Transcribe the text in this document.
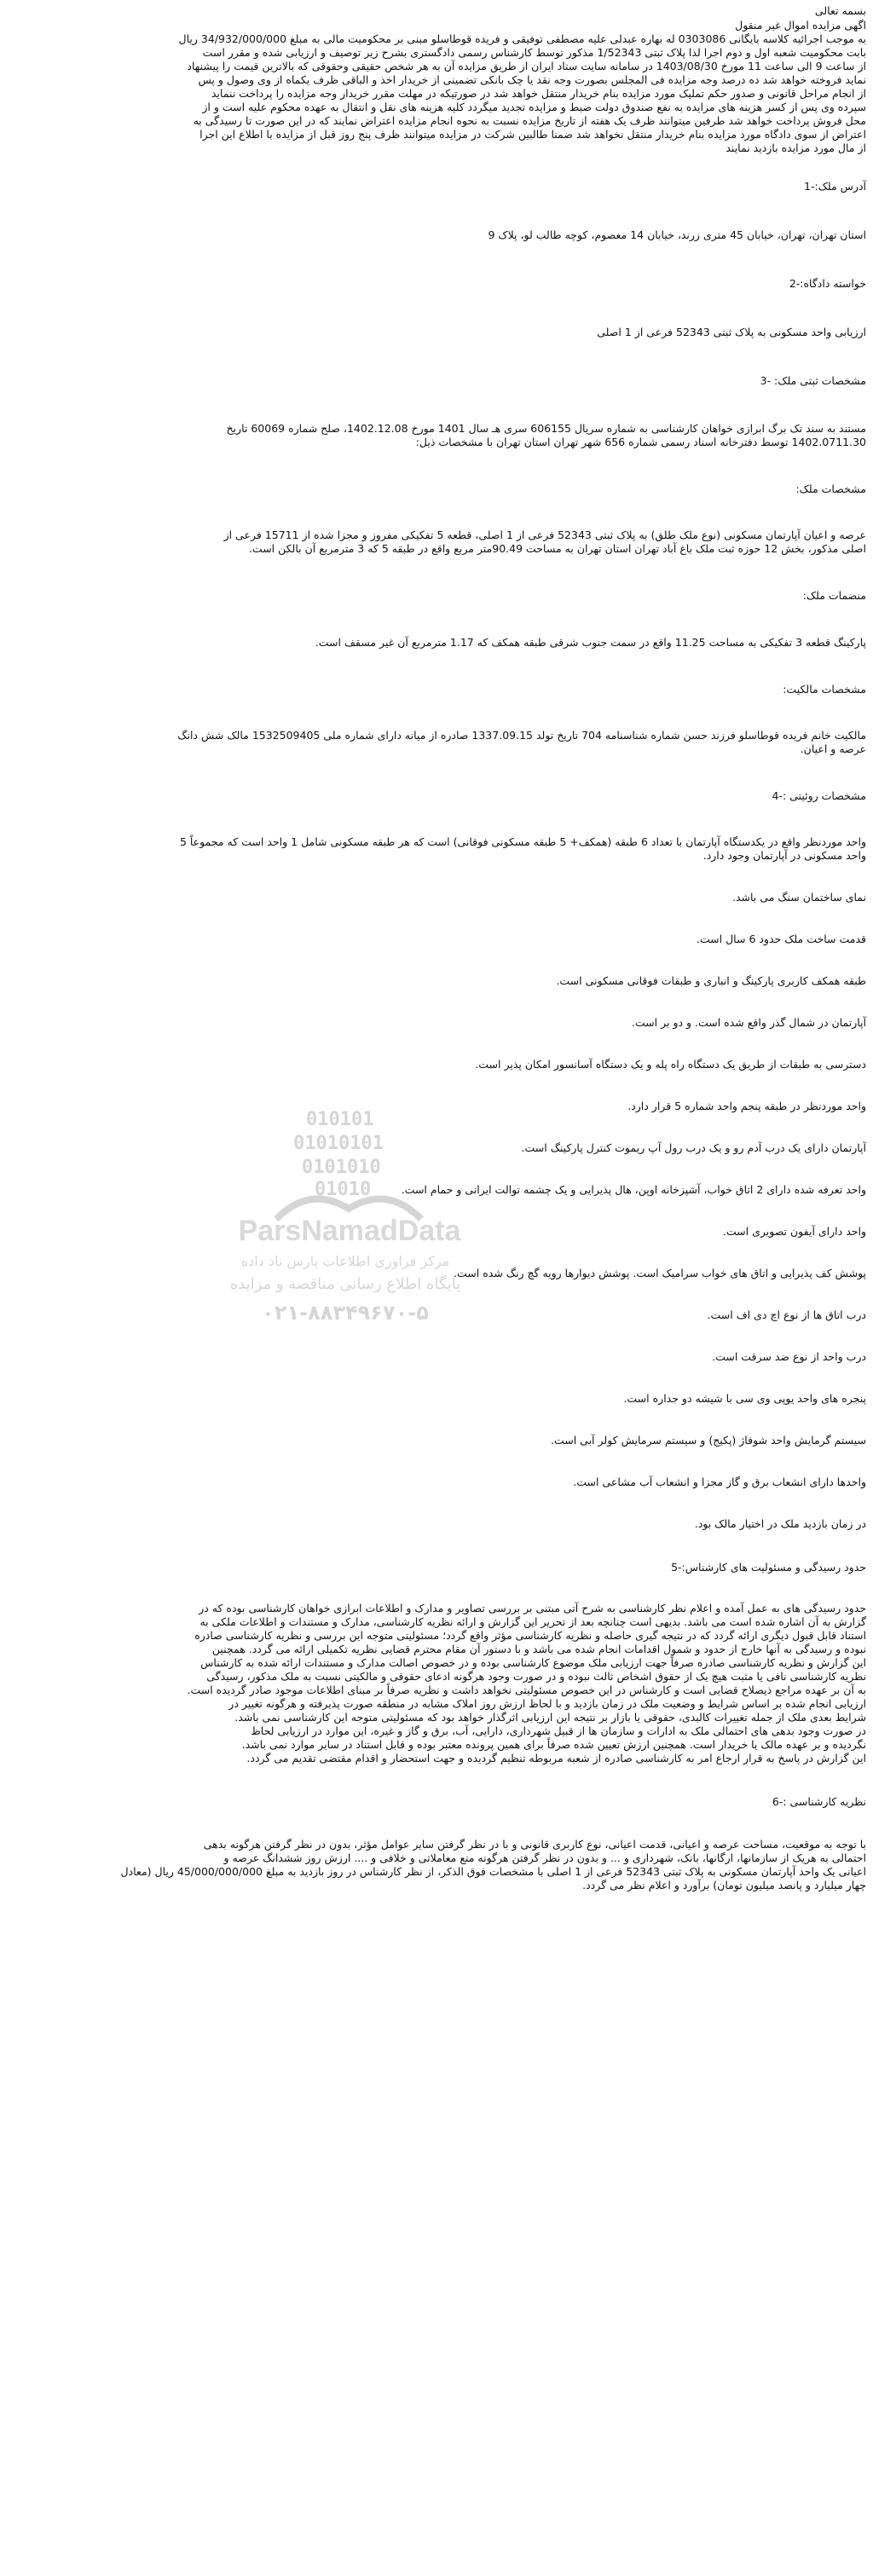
010101
01010101
0101010
01010
ParsNamadData
مرکز فراوری اطلاعات پارس ناد داده
پایگاه اطلاع رسانی مناقصه و مزایده
۰۲۱-۸۸۳۴۹۶۷۰-۵

بسمه تعالی

اگهی مزایده اموال غیر منقول

به موجب اجرائیه کلاسه بایگانی 0303086 له بهاره عبدلی علیه مصطفی توفیقی و فریده قوطاسلو مبنی بر محکومیت مالی به مبلغ 34/932/000/000 ریال

بابت محکومیت شعبه اول و دوم اجرا لذا پلاک ثبتی 1/52343 مذکور توسط کارشناس رسمی دادگستری بشرح زیر توصیف و ارزیابی شده و مقرر است

از ساعت 9 الی ساعت 11 مورخ 1403/08/30 در سامانه سایت ستاد ایران از طریق مزایده آن به هر شخص حقیقی وحقوقی که بالاترین قیمت را پیشنهاد

نماید فروخته خواهد شد ده درصد وجه مزایده فی المجلس بصورت وجه نقد یا چک بانکی تضمینی از خریدار اخذ و الباقی ظرف یکماه از وی وصول و پس

از انجام مراحل قانونی و صدور حکم تملیک مورد مزایده بنام خریدار منتقل خواهد شد در صورتیکه در مهلت مقرر خریدار وجه مزایده را پرداخت ننماید

سپرده وی پس از کسر هزینه های مزایده به نفع صندوق دولت ضبط و مزایده تجدید میگردد کلیه هزینه های نقل و انتقال به عهده محکوم علیه است و از

محل فروش پرداخت خواهد شد طرفین میتوانند ظرف یک هفته از تاریخ مزایده نسبت به نحوه انجام مزایده اعتراض نمایند که در این صورت تا رسیدگی به

اعتراض از سوی دادگاه مورد مزایده بنام خریدار منتقل نخواهد شد ضمنا طالبین شرکت در مزایده میتوانند ظرف پنج روز قبل از مزایده با اطلاع این اجرا

از مال مورد مزایده بازدید نمایند

آدرس ملک:-1

استان تهران، تهران، خیابان 45 متری زرند، خیابان 14 معصوم، کوچه طالب لو، پلاک 9

خواسته دادگاه:-2

ارزیابی واحد مسکونی به پلاک ثبتی 52343 فرعی از 1 اصلی

مشخصات ثبتی ملک: -3

مستند به سند تک برگ ابرازی خواهان کارشناسی به شماره سریال 606155 سری هـ سال 1401 مورخ 1402.12.08، صلح شماره 60069 تاریخ

1402.0711.30 توسط دفترخانه اسناد رسمی شماره 656 شهر تهران استان تهران با مشخصات ذیل:

مشخصات ملک:

عرصه و اعیان آپارتمان مسکونی (نوع ملک طلق) به پلاک ثبتی 52343 فرعی از 1 اصلی، قطعه 5 تفکیکی مفروز و مجزا شده از 15711 فرعی از

اصلی مذکور، بخش 12 حوزه ثبت ملک باغ آباد تهران استان تهران به مساحت 90.49متر مربع واقع در طبقه 5 که 3 مترمربع آن بالکن است.

منضمات ملک:

پارکینگ قطعه 3 تفکیکی به مساحت 11.25 واقع در سمت جنوب شرقی طبقه همکف که 1.17 مترمربع آن غیر مسقف است.

مشخصات مالکیت:

مالکیت خانم فریده قوطاسلو فرزند حسن شماره شناسنامه 704 تاریخ تولد 1337.09.15 صادره از میانه دارای شماره ملی 1532509405 مالک شش دانگ

عرصه و اعیان.

مشخصات روئیتی :-4

واحد موردنظر واقع در یکدستگاه آپارتمان با تعداد 6 طبقه (همکف+ 5 طبقه مسکونی فوقانی) است که هر طبقه مسکونی شامل 1 واحد است که مجموعاً 5

واحد مسکونی در آپارتمان وجود دارد.

نمای ساختمان سنگ می باشد.

قدمت ساخت ملک حدود 6 سال است.

طبقه همکف کاربری پارکینگ و انباری و طبقات فوقانی مسکونی است.

آپارتمان در شمال گذر واقع شده است. و دو بر است.

دسترسی به طبقات از طریق یک دستگاه راه پله و یک دستگاه آسانسور امکان پذیر است.

واحد موردنظر در طبقه پنجم واحد شماره 5 قرار دارد.

آپارتمان دارای یک درب آدم رو و یک درب رول آپ ریموت کنترل پارکینگ است.

واحد تعرفه شده دارای 2 اتاق خواب، آشپزخانه اوپن، هال پذیرایی و یک چشمه توالت ایرانی و حمام است.

واحد دارای آیفون تصویری است.

پوشش کف پذیرایی و اتاق های خواب سرامیک است. پوشش دیوارها رویه گچ رنگ شده است.

درب اتاق ها از نوع اچ دی اف است.

درب واحد از نوع ضد سرقت است.

پنجره های واحد یوپی وی سی با شیشه دو جداره است.

سیستم گرمایش واحد شوفاژ (پکیج) و سیستم سرمایش کولر آبی است.

واحدها دارای انشعاب برق و گاز مجزا و انشعاب آب مشاعی است.

در زمان بازدید ملک در اختیار مالک بود.

حدود رسیدگی و مسئولیت های کارشناس:-5

حدود رسیدگی های به عمل آمده و اعلام نظر کارشناسی به شرح آتی مبتنی بر بررسی تصاویر و مدارک و اطلاعات ابرازی خواهان کارشناسی بوده که در

گزارش به آن اشاره شده است می باشد. بدیهی است چنانچه بعد از تحریر این گزارش و ارائه نظریه کارشناسی، مدارک و مستندات و اطلاعات ملکی به

استناد قابل قبول دیگری ارائه گردد که در نتیجه گیری حاصله و نظریه کارشناسی مؤثر واقع گردد؛ مسئولیتی متوجه این بررسی و نظریه کارشناسی صادره

نبوده و رسیدگی به آنها خارج از حدود و شمول اقدامات انجام شده می باشد و با دستور آن مقام محترم قضایی نظریه تکمیلی ارائه می گردد. همچنین

این گزارش و نظریه کارشناسی صادره صرفاً جهت ارزیابی ملک موضوع کارشناسی بوده و در خصوص اصالت مدارک و مستندات ارائه شده به کارشناس

نظریه کارشناسی نافی یا مثبت هیچ یک از حقوق اشخاص ثالث نبوده و در صورت وجود هرگونه ادعای حقوقی و مالکیتی نسبت به ملک مذکور، رسیدگی

به آن بر عهده مراجع ذیصلاح قضایی است و کارشناس در این خصوص مسئولیتی نخواهد داشت و نظریه صرفاً بر مبنای اطلاعات موجود صادر گردیده است.

ارزیابی انجام شده بر اساس شرایط و وضعیت ملک در زمان بازدید و با لحاظ ارزش روز املاک مشابه در منطقه صورت پذیرفته و هرگونه تغییر در

شرایط بعدی ملک از جمله تغییرات کالبدی، حقوقی یا بازار بر نتیجه این ارزیابی اثرگذار خواهد بود که مسئولیتی متوجه این کارشناسی نمی باشد.

در صورت وجود بدهی های احتمالی ملک به ادارات و سازمان ها از قبیل شهرداری، دارایی، آب، برق و گاز و غیره، این موارد در ارزیابی لحاظ

نگردیده و بر عهده مالک یا خریدار است. همچنین ارزش تعیین شده صرفاً برای همین پرونده معتبر بوده و قابل استناد در سایر موارد نمی باشد.

این گزارش در پاسخ به قرار ارجاع امر به کارشناسی صادره از شعبه مربوطه تنظیم گردیده و جهت استحضار و اقدام مقتضی تقدیم می گردد.

نظریه کارشناسی :-6

با توجه به موقعیت، مساحت عرصه و اعیانی، قدمت اعیانی، نوع کاربری قانونی و با در نظر گرفتن سایر عوامل مؤثر، بدون در نظر گرفتن هرگونه بدهی

احتمالی به هریک از سازمانها، ارگانها، بانک، شهرداری و ... و بدون در نظر گرفتن هرگونه منع معاملاتی و خلافی و .... ارزش روز ششدانگ عرصه و

اعیانی یک واحد آپارتمان مسکونی به پلاک ثبتی 52343 فرعی از 1 اصلی با مشخصات فوق الذکر، از نظر کارشناس در روز بازدید به مبلغ 45/000/000/000 ریال (معادل

چهار میلیارد و پانصد میلیون تومان) برآورد و اعلام نظر می گردد.
